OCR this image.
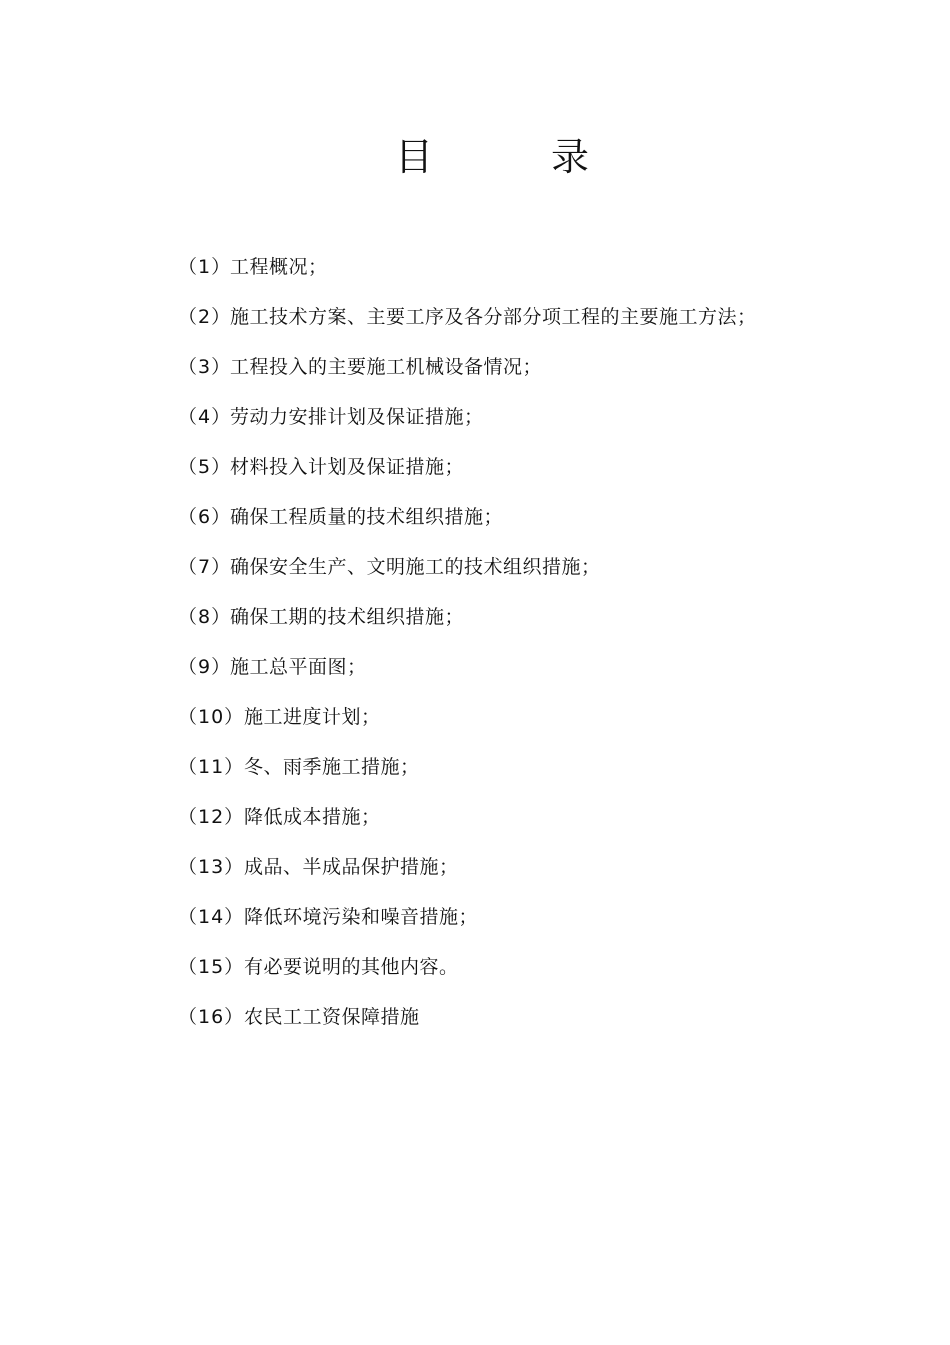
目　录
（1）
工程概况；
（2）
施工技术方案、主要工序及各分部分项工程的主要施工方法；
（3）
工程投入的主要施工机械设备情况；
（4）
劳动力安排计划及保证措施；
（5）
材料投入计划及保证措施；
（6）
确保工程质量的技术组织措施；
（7）
确保安全生产、文明施工的技术组织措施；
（8）
确保工期的技术组织措施；
（9）
施工总平面图；
（10） 施工进度计划；
（11） 冬、雨季施工措施；
（12） 降低成本措施；
（13） 成品、半成品保护措施；
（14） 降低环境污染和噪音措施；
（15） 有必要说明的其他内容。
（16） 农民工工资保障措施
